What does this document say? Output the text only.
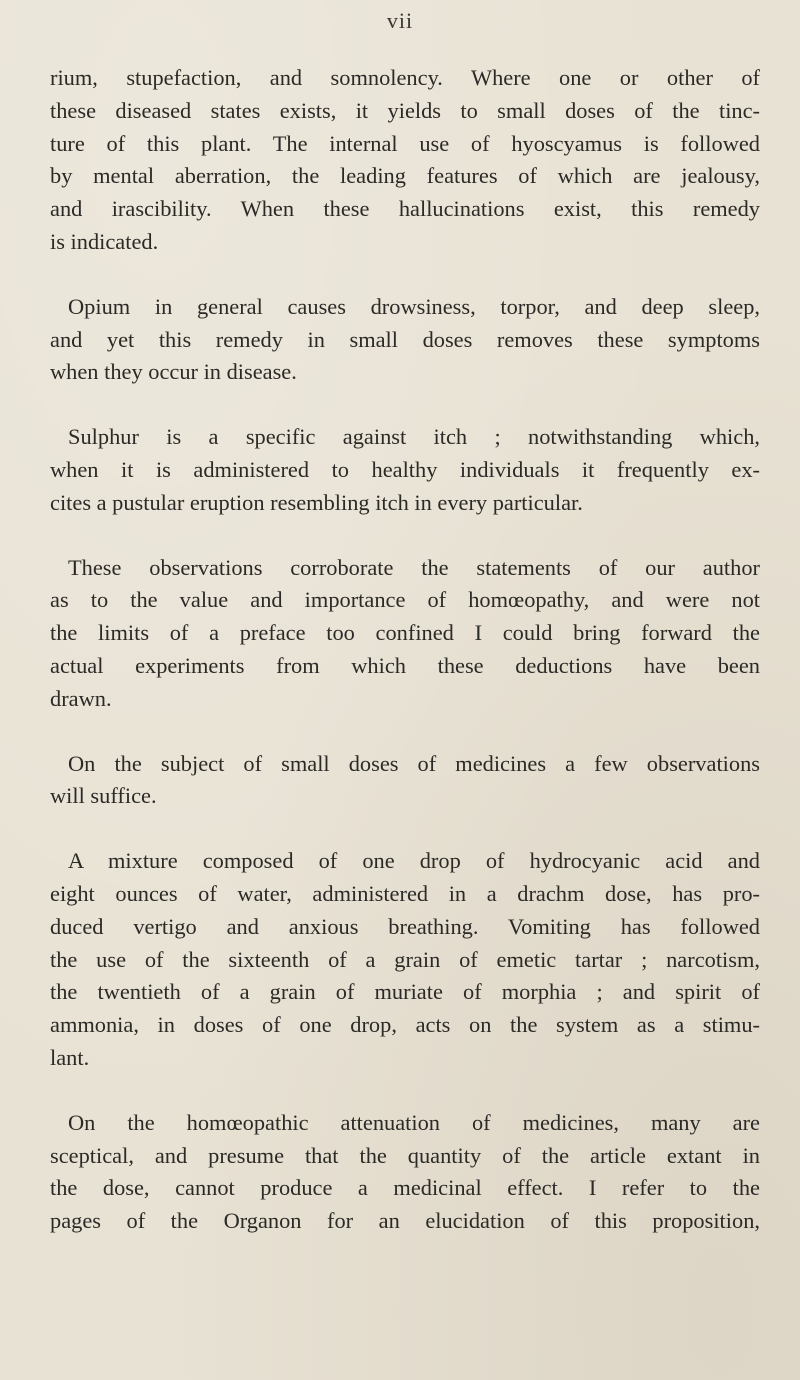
vii

rium, stupefaction, and somnolency. Where one or other of
these diseased states exists, it yields to small doses of the tinc-
ture of this plant. The internal use of hyoscyamus is followed
by mental aberration, the leading features of which are jealousy,
and irascibility. When these hallucinations exist, this remedy
is indicated.

Opium in general causes drowsiness, torpor, and deep sleep,
and yet this remedy in small doses removes these symptoms
when they occur in disease.

Sulphur is a specific against itch ; notwithstanding which,
when it is administered to healthy individuals it frequently ex-
cites a pustular eruption resembling itch in every particular.

These observations corroborate the statements of our author
as to the value and importance of homœopathy, and were not
the limits of a preface too confined I could bring forward the
actual experiments from which these deductions have been
drawn.

On the subject of small doses of medicines a few observations
will suffice.

A mixture composed of one drop of hydrocyanic acid and
eight ounces of water, administered in a drachm dose, has pro-
duced vertigo and anxious breathing. Vomiting has followed
the use of the sixteenth of a grain of emetic tartar ; narcotism,
the twentieth of a grain of muriate of morphia ; and spirit of
ammonia, in doses of one drop, acts on the system as a stimu-
lant.

On the homœopathic attenuation of medicines, many are
sceptical, and presume that the quantity of the article extant in
the dose, cannot produce a medicinal effect. I refer to the
pages of the Organon for an elucidation of this proposition,
